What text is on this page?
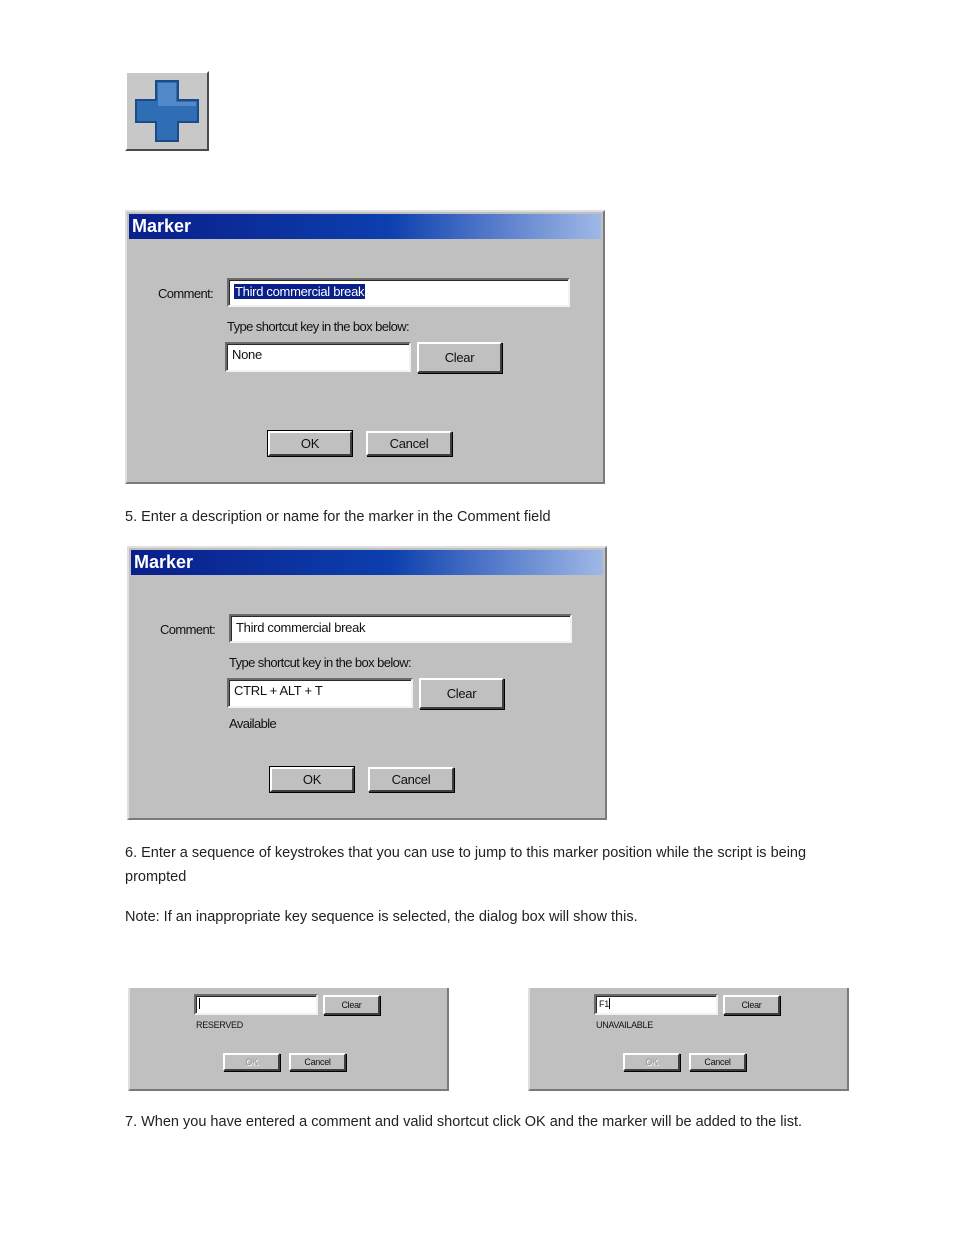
Marker
Comment:	Third commercial break
Type shortcut key in the box below:
None	Clear
OK	Cancel
5. Enter a description or name for the marker in the Comment field
Marker
Comment:	Third commercial break
Type shortcut key in the box below:
CTRL + ALT + T	Clear
Available
OK	Cancel
6. Enter a sequence of keystrokes that you can use to jump to this marker position while the script is being prompted
Note: If an inappropriate key sequence is selected, the dialog box will show this.
Clear
RESERVED
OK	Cancel
F1	Clear
UNAVAILABLE
OK	Cancel
7. When you have entered a comment and valid shortcut click OK and the marker will be added to the list.
